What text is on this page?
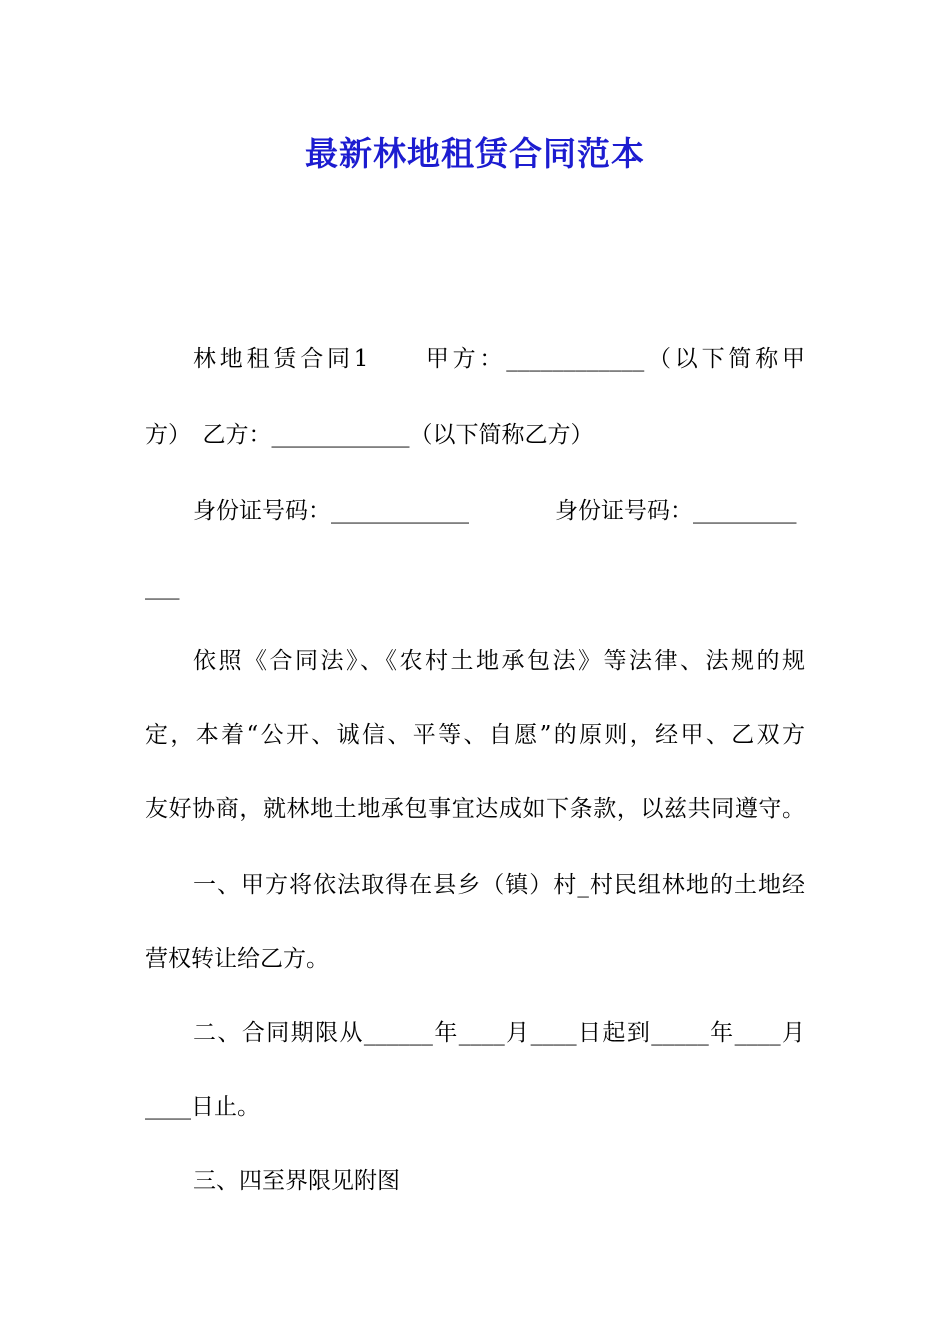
最新林地租赁合同范本
林地租赁合同1　　甲方：____________（以下简称甲
方）　乙方：____________（以下简称乙方）
身份证号码：____________	身份证号码：_________
___
依照《合同法》、《农村土地承包法》等法律、法规的规
定，本着“公开、诚信、平等、自愿”的原则，经甲、乙双方
友好协商，就林地土地承包事宜达成如下条款，以兹共同遵守。
一、甲方将依法取得在县乡（镇）村_村民组林地的土地经
营权转让给乙方。
二、合同期限从______年____月____日起到_____年____月
____日止。
三、四至界限见附图
